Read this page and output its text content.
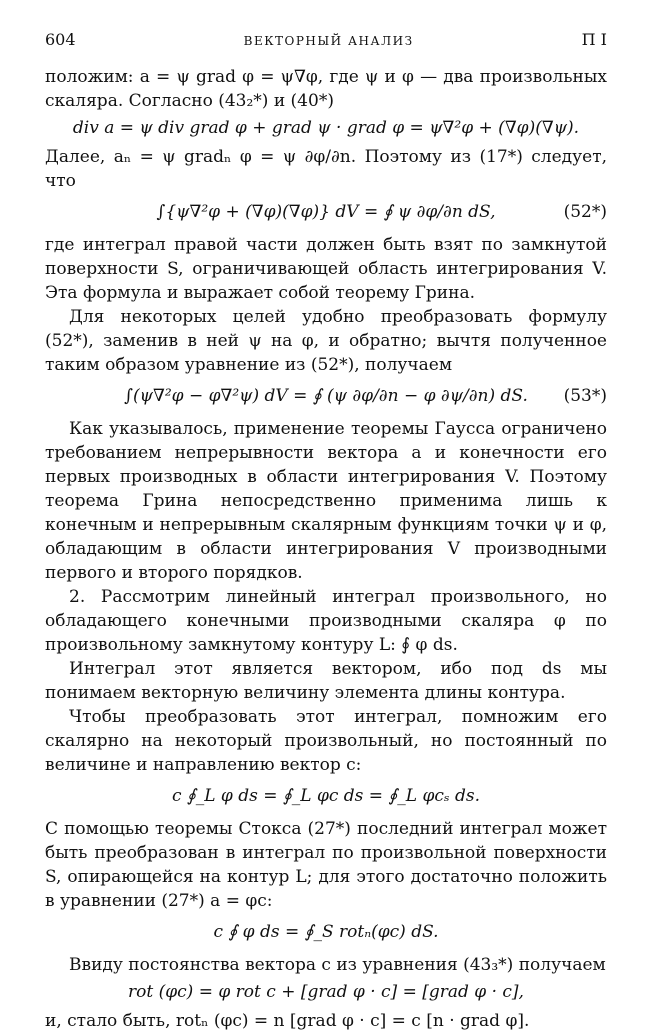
604	ВЕКТОРНЫЙ АНАЛИЗ	П I

положим: a = ψ grad φ = ψ∇φ, где ψ и φ — два произвольных скаляра. Согласно (43₂*) и (40*)

div a = ψ div grad φ + grad ψ · grad φ = ψ∇²φ + (∇φ)(∇ψ).

Далее, aₙ = ψ gradₙ φ = ψ ∂φ/∂n. Поэтому из (17*) следует, что

∫{ψ∇²φ + (∇φ)(∇φ)} dV = ∮ ψ ∂φ/∂n dS,	(52*)

где интеграл правой части должен быть взят по замкнутой поверхности S, ограничивающей область интегрирования V. Эта формула и выражает собой теорему Грина.

Для некоторых целей удобно преобразовать формулу (52*), заменив в ней ψ на φ, и обратно; вычтя полученное таким образом уравнение из (52*), получаем

∫(ψ∇²φ − φ∇²ψ) dV = ∮ (ψ ∂φ/∂n − φ ∂ψ/∂n) dS. (53*)

Как указывалось, применение теоремы Гаусса ограничено требованием непрерывности вектора a и конечности его первых производных в области интегрирования V. Поэтому теорема Грина непосредственно применима лишь к конечным и непрерывным скалярным функциям точки ψ и φ, обладающим в области интегрирования V производными первого и второго порядков.

2. Рассмотрим линейный интеграл произвольного, но обладающего конечными производными скаляра φ по произвольному замкнутому контуру L: ∮ φ ds.

Интеграл этот является вектором, ибо под ds мы понимаем векторную величину элемента длины контура.

Чтобы преобразовать этот интеграл, помножим его скалярно на некоторый произвольный, но постоянный по величине и направлению вектор c:

c ∮_L φ ds = ∮_L φc ds = ∮_L φcₛ ds.

С помощью теоремы Стокса (27*) последний интеграл может быть преобразован в интеграл по произвольной поверхности S, опирающейся на контур L; для этого достаточно положить в уравнении (27*) a = φc:

c ∮ φ ds = ∮_S rotₙ(φc) dS.

Ввиду постоянства вектора c из уравнения (43₃*) получаем

rot (φc) = φ rot c + [grad φ · c] = [grad φ · c],

и, стало быть, rotₙ (φc) = n [grad φ · c] = c [n · grad φ].
